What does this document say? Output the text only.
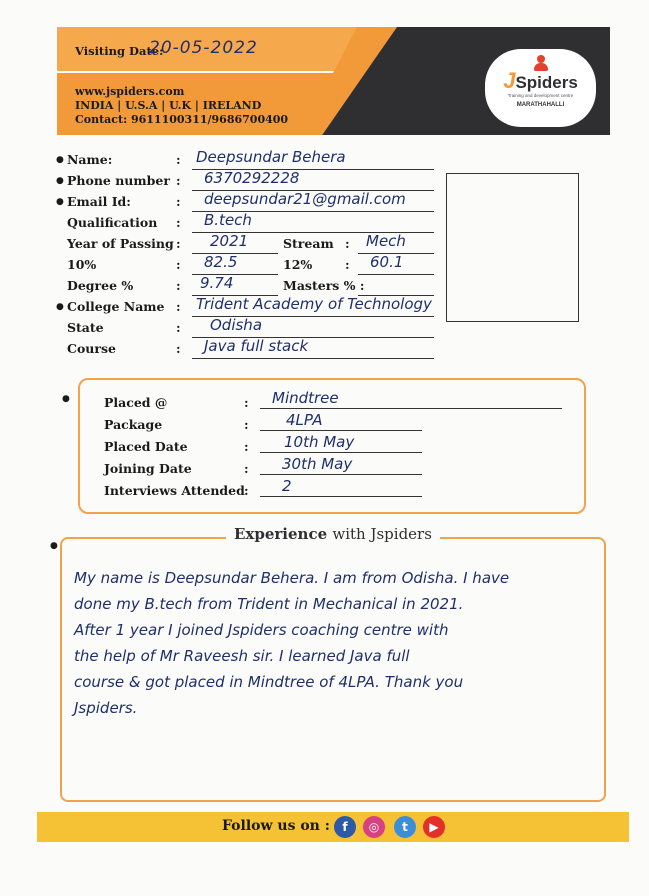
Visiting Date:
20-05-2022
www.jspiders.com
INDIA | U.S.A | U.K | IRELAND
Contact: 9611100311/9686700400
JSpiders
Training and development centre
MARATHAHALLI
● Name:	: Deepsundar Behera
● Phone number : 6370292228
● Email Id:	: deepsundar21@gmail.com
Qualification : B.tech
Year of Passing : 2021	Stream : Mech
10%	: 82.5	12%	: 60.1
Degree %	: 9.74	Masters % :
● College Name : Trident Academy of Technology
State	: Odisha
Course	: Java full stack
●	Placed @	: Mindtree
Package	: 4LPA
Placed Date	: 10th May
Joining Date	: 30th May
Interviews Attended : 2
●
Experience with Jspiders
My name is Deepsundar Behera. I am from Odisha. I have
done my B.tech from Trident in Mechanical in 2021.
After 1 year I joined Jspiders coaching centre with
the help of Mr Raveesh sir. I learned Java full
course & got placed in Mindtree of 4LPA. Thank you
Jspiders.
Follow us on :	f	◎	t	▶
